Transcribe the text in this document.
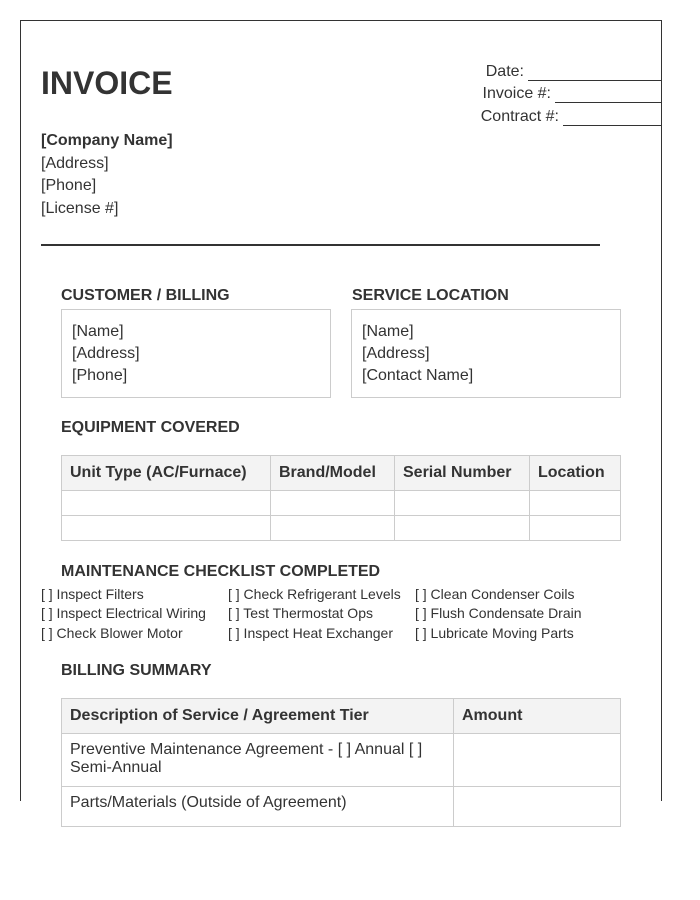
INVOICE	Date:
Invoice #:
Contract #:
[Company Name]
[Address]
[Phone]
[License #]
CUSTOMER / BILLING
[Name]
[Address]
[Phone]
SERVICE LOCATION
[Name]
[Address]
[Contact Name]
EQUIPMENT COVERED
Unit Type (AC/Furnace)	Brand/Model	Serial Number	Location

MAINTENANCE CHECKLIST COMPLETED
[ ] Inspect Filters	[ ] Check Refrigerant Levels	[ ] Clean Condenser Coils
[ ] Inspect Electrical Wiring	[ ] Test Thermostat Ops	[ ] Flush Condensate Drain
[ ] Check Blower Motor	[ ] Inspect Heat Exchanger	[ ] Lubricate Moving Parts
BILLING SUMMARY
Description of Service / Agreement Tier	Amount
Preventive Maintenance Agreement - [ ] Annual [ ] Semi-Annual	
Parts/Materials (Outside of Agreement)	
